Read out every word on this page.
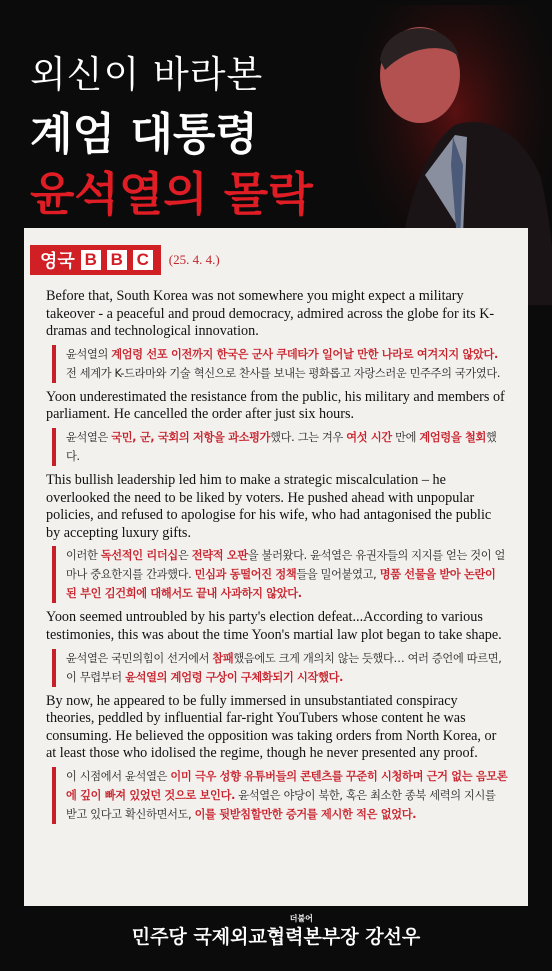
외신이 바라본
계엄 대통령
윤석열의 몰락
영국 B B C (25. 4. 4.)

Before that, South Korea was not somewhere you might expect a military takeover - a peaceful and proud democracy, admired across the globe for its K-dramas and technological innovation.

윤석열의 계엄령 선포 이전까지 한국은 군사 쿠데타가 일어날 만한 나라로 여겨지지 않았다. 전 세계가 K-드라마와 기술 혁신으로 찬사를 보내는 평화롭고 자랑스러운 민주주의 국가였다.

Yoon underestimated the resistance from the public, his military and members of parliament. He cancelled the order after just six hours.

윤석열은 국민, 군, 국회의 저항을 과소평가했다. 그는 겨우 여섯 시간 만에 계엄령을 철회했다.

This bullish leadership led him to make a strategic miscalculation – he overlooked the need to be liked by voters. He pushed ahead with unpopular policies, and refused to apologise for his wife, who had antagonised the public by accepting luxury gifts.

이러한 독선적인 리더십은 전략적 오판을 불러왔다. 윤석열은 유권자들의 지지를 얻는 것이 얼마나 중요한지를 간과했다. 민심과 동떨어진 정책들을 밀어붙였고, 명품 선물을 받아 논란이 된 부인 김건희에 대해서도 끝내 사과하지 않았다.

Yoon seemed untroubled by his party's election defeat...According to various testimonies, this was about the time Yoon's martial law plot began to take shape.

윤석열은 국민의힘이 선거에서 참패했음에도 크게 개의치 않는 듯했다… 여러 증언에 따르면, 이 무렵부터 윤석열의 계엄령 구상이 구체화되기 시작했다.

By now, he appeared to be fully immersed in unsubstantiated conspiracy theories, peddled by influential far-right YouTubers whose content he was consuming. He believed the opposition was taking orders from North Korea, or at least those who idolised the regime, though he never presented any proof.

이 시점에서 윤석열은 이미 극우 성향 유튜버들의 콘텐츠를 꾸준히 시청하며 근거 없는 음모론에 깊이 빠져 있었던 것으로 보인다. 윤석열은 야당이 북한, 혹은 최소한 종북 세력의 지시를 받고 있다고 확신하면서도, 이를 뒷받침할만한 증거를 제시한 적은 없었다.
더불어
민주당 국제외교협력본부장 강선우
